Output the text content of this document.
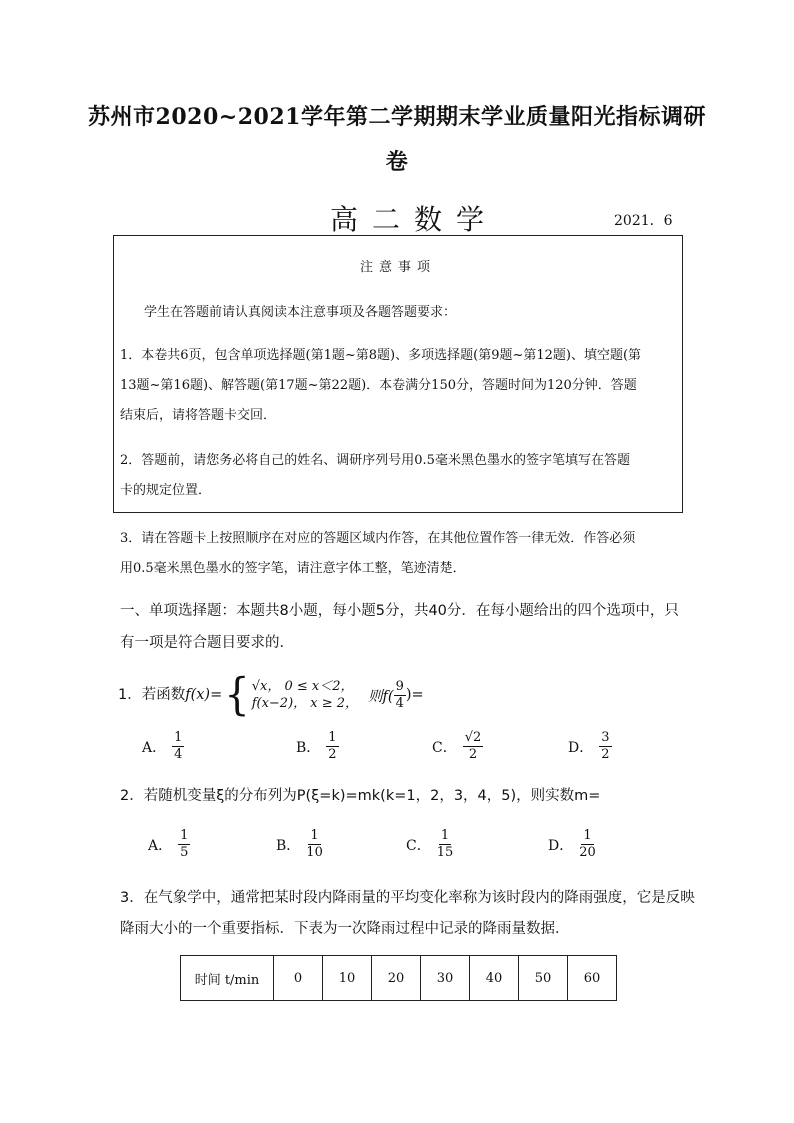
苏州市2020~2021学年第二学期期末学业质量阳光指标调研
卷
高二数学	2021．6
注意事项
学生在答题前请认真阅读本注意事项及各题答题要求：
1．本卷共6页，包含单项选择题(第1题~第8题)、多项选择题(第9题~第12题)、填空题(第
13题~第16题)、解答题(第17题~第22题)．本卷满分150分，答题时间为120分钟．答题
结束后，请将答题卡交回．
2．答题前，请您务必将自己的姓名、调研序列号用0.5毫米黑色墨水的签字笔填写在答题
卡的规定位置．
3．请在答题卡上按照顺序在对应的答题区域内作答，在其他位置作答一律无效．作答必须
用0.5毫米黑色墨水的签字笔，请注意字体工整，笔迹清楚．
一、单项选择题：本题共8小题，每小题5分，共40分．在每小题给出的四个选项中，只
有一项是符合题目要求的．
1．若函数 f(x)= { √x， 0 ≤ x＜2，
f(x−2)， x ≥ 2， 则$f( \frac{9}{4}$ )=
A． $\frac{1}{4}$	B． $\frac{1}{2}$	C． $\frac{√2}{2}$	D． $\frac{3}{2}$
2．若随机变量ξ的分布列为P(ξ=k)=mk(k=1，2，3，4，5)，则实数m=
A． $\frac{1}{5}$	B． $\frac{1}{10}$	C． $\frac{1}{15}$	D． $\frac{1}{20}$
3．在气象学中，通常把某时段内降雨量的平均变化率称为该时段内的降雨强度，它是反映
降雨大小的一个重要指标．下表为一次降雨过程中记录的降雨量数据．
时间 t/min	0	10	20	30	40	50	60
